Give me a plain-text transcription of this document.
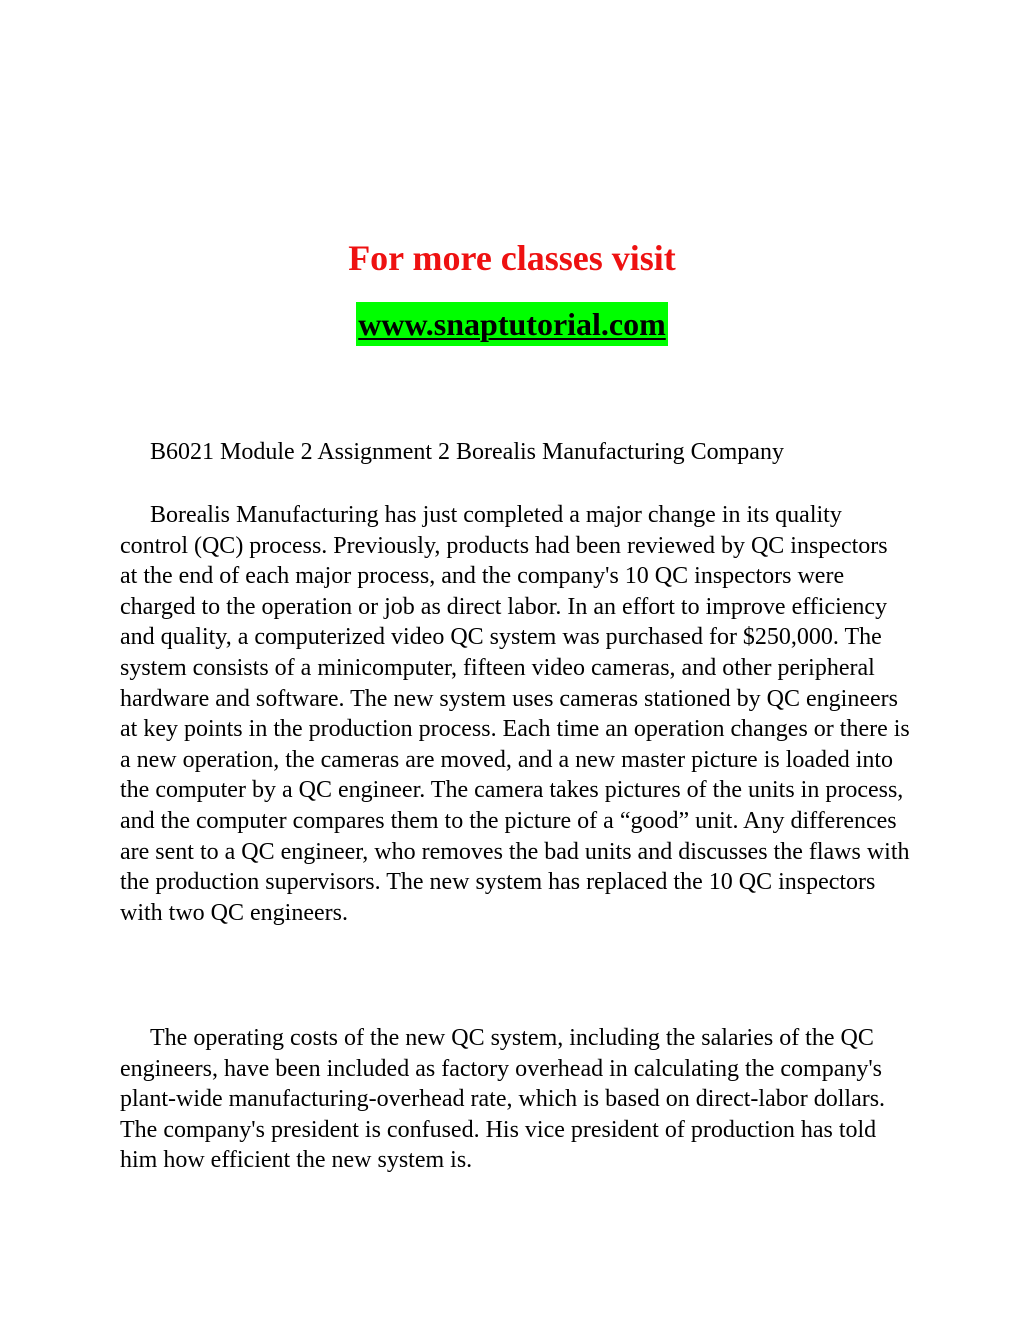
For more classes visit
www.snaptutorial.com

B6021 Module 2 Assignment 2 Borealis Manufacturing Company

Borealis Manufacturing has just completed a major change in its quality control (QC) process. Previously, products had been reviewed by QC inspectors at the end of each major process, and the company's 10 QC inspectors were charged to the operation or job as direct labor. In an effort to improve efficiency and quality, a computerized video QC system was purchased for $250,000. The system consists of a minicomputer, fifteen video cameras, and other peripheral hardware and software. The new system uses cameras stationed by QC engineers at key points in the production process. Each time an operation changes or there is a new operation, the cameras are moved, and a new master picture is loaded into the computer by a QC engineer. The camera takes pictures of the units in process, and the computer compares them to the picture of a “good” unit. Any differences are sent to a QC engineer, who removes the bad units and discusses the flaws with the production supervisors. The new system has replaced the 10 QC inspectors with two QC engineers.

The operating costs of the new QC system, including the salaries of the QC engineers, have been included as factory overhead in calculating the company's plant-wide manufacturing-overhead rate, which is based on direct-labor dollars. The company's president is confused. His vice president of production has told him how efficient the new system is.
